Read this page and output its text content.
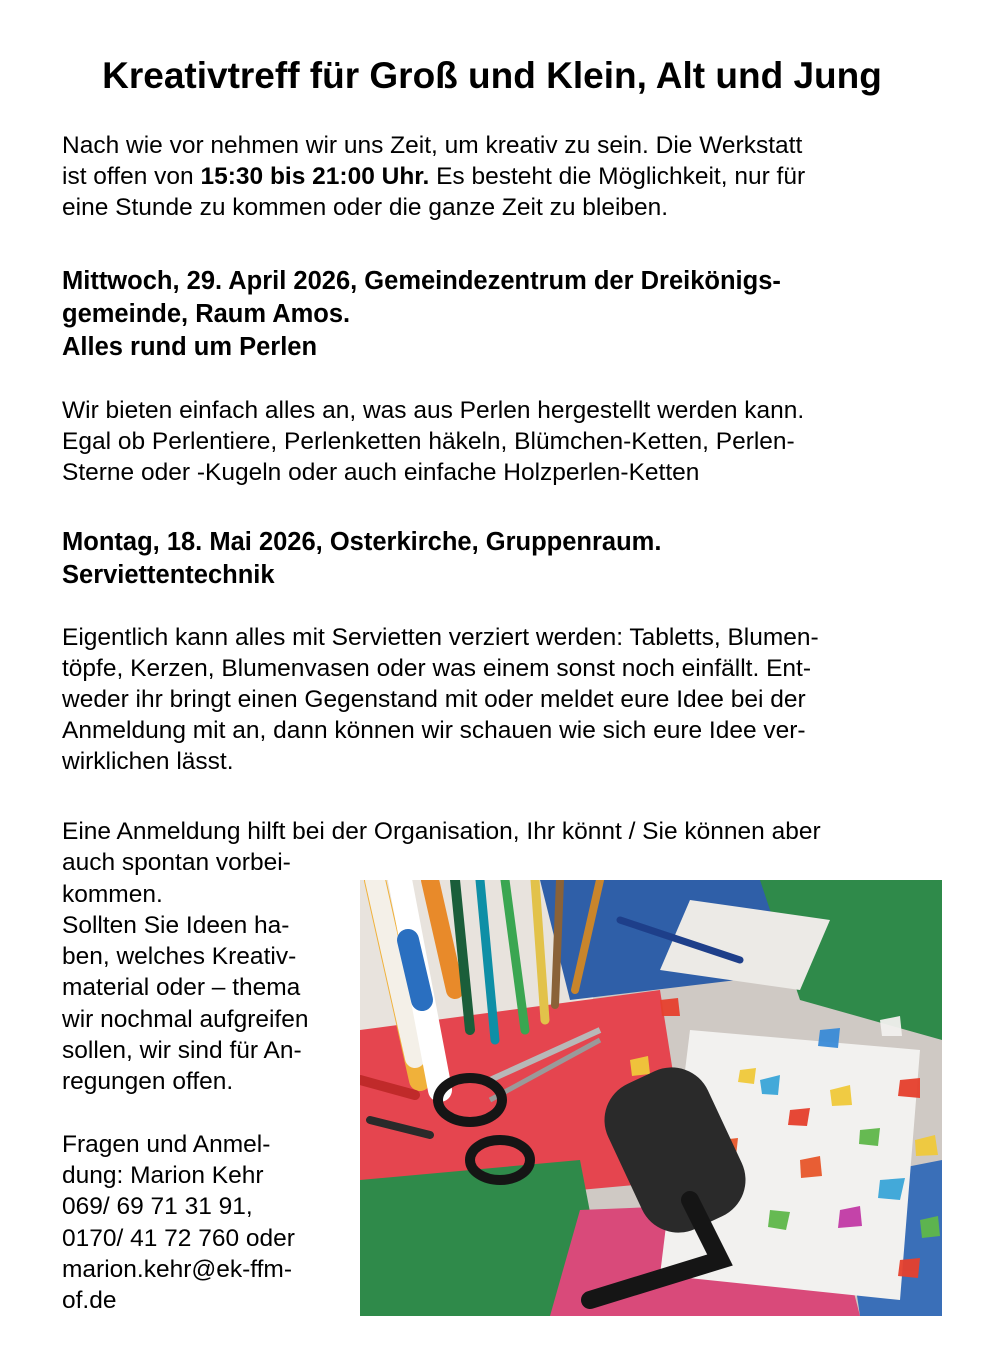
Kreativtreff für Groß und Klein, Alt und Jung

Nach wie vor nehmen wir uns Zeit, um kreativ zu sein. Die Werkstatt
ist offen von 15:30 bis 21:00 Uhr. Es besteht die Möglichkeit, nur für
eine Stunde zu kommen oder die ganze Zeit zu bleiben.

Mittwoch, 29. April 2026, Gemeindezentrum der Dreikönigs-
gemeinde, Raum Amos.
Alles rund um Perlen

Wir bieten einfach alles an, was aus Perlen hergestellt werden kann.
Egal ob Perlentiere, Perlenketten häkeln, Blümchen-Ketten, Perlen-
Sterne oder -Kugeln oder auch einfache Holzperlen-Ketten

Montag, 18. Mai 2026, Osterkirche, Gruppenraum.
Serviettentechnik

Eigentlich kann alles mit Servietten verziert werden: Tabletts, Blumen-
töpfe, Kerzen, Blumenvasen oder was einem sonst noch einfällt. Ent-
weder ihr bringt einen Gegenstand mit oder meldet eure Idee bei der
Anmeldung mit an, dann können wir schauen wie sich eure Idee ver-
wirklichen lässt.

Eine Anmeldung hilft bei der Organisation, Ihr könnt / Sie können aber
auch spontan vorbei-
kommen.
Sollten Sie Ideen ha-
ben, welches Kreativ-
material oder – thema
wir nochmal aufgreifen
sollen, wir sind für An-
regungen offen.
Fragen und Anmel-
dung: Marion Kehr
069/ 69 71 31 91,
0170/ 41 72 760 oder
marion.kehr@ek-ffm-
of.de
